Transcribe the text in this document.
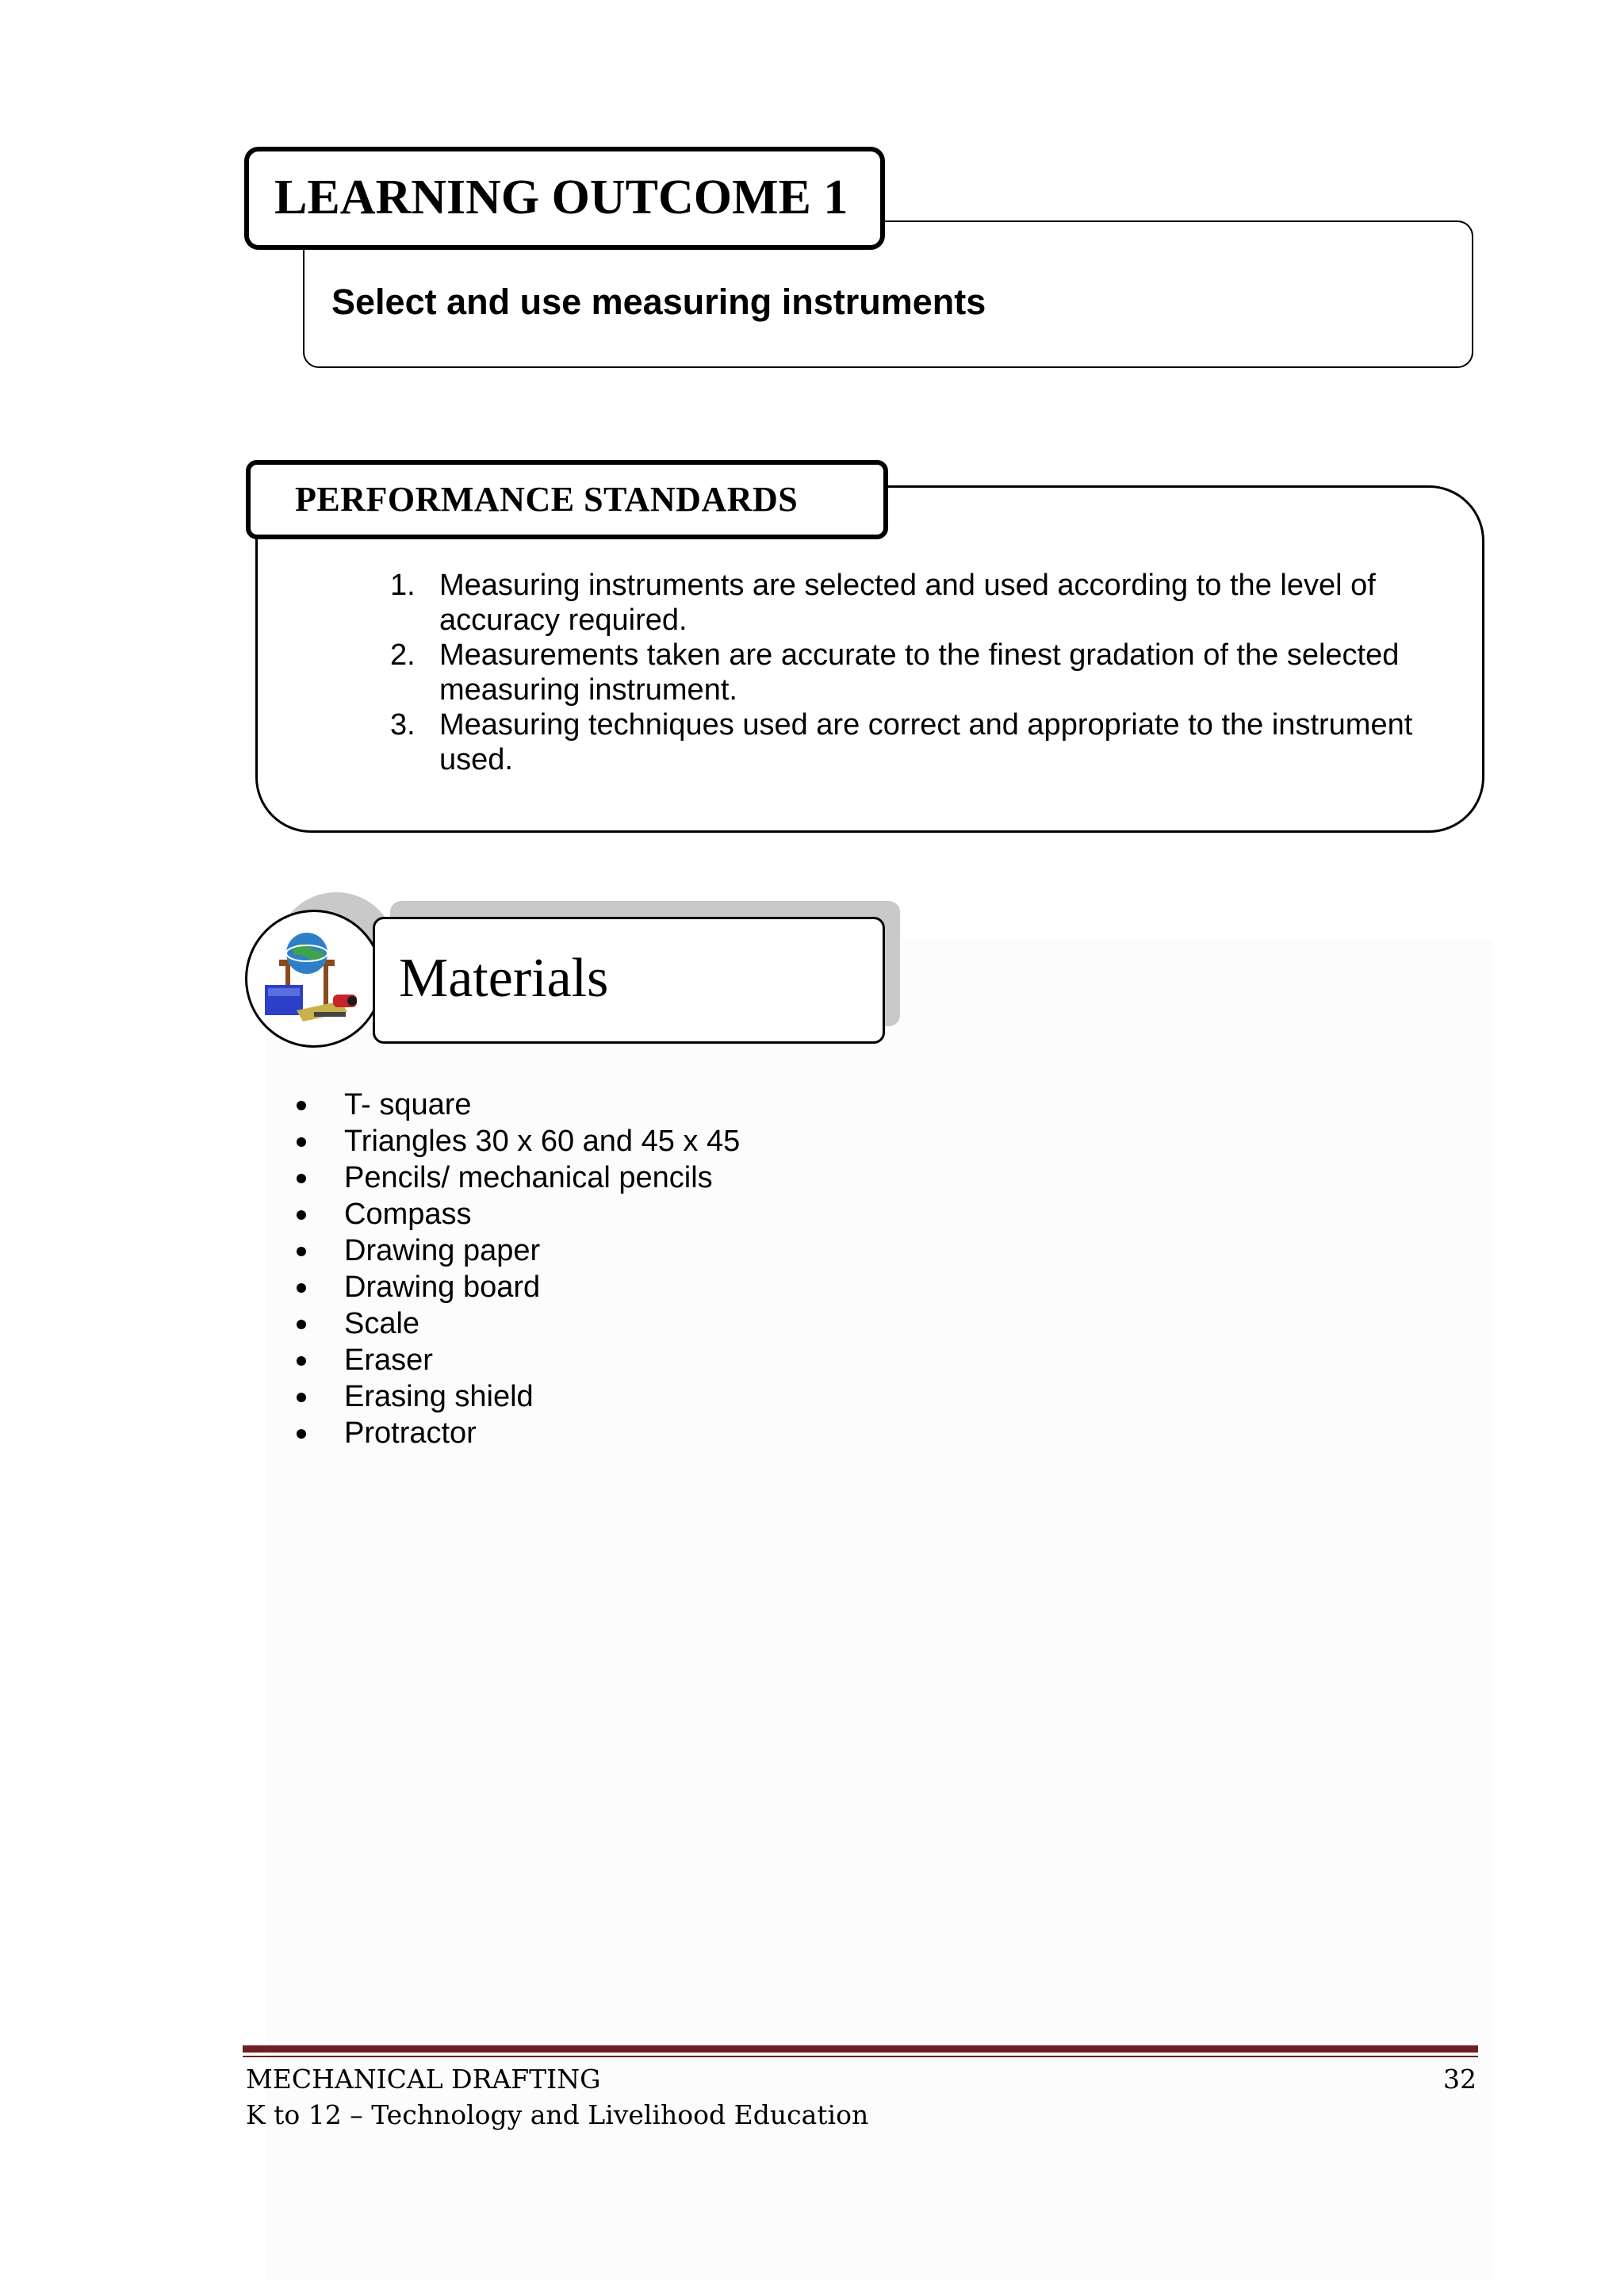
LEARNING OUTCOME 1
Select and use measuring instruments
PERFORMANCE STANDARDS
1. Measuring instruments are selected and used according to the level of
accuracy required.
2. Measurements taken are accurate to the finest gradation of the selected
measuring instrument.
3. Measuring techniques used are correct and appropriate to the instrument
used.
Materials
T- square
Triangles 30 x 60 and 45 x 45
Pencils/ mechanical pencils
Compass
Drawing paper
Drawing board
Scale
Eraser
Erasing shield
Protractor
MECHANICAL DRAFTING
K to 12 – Technology and Livelihood Education
32
